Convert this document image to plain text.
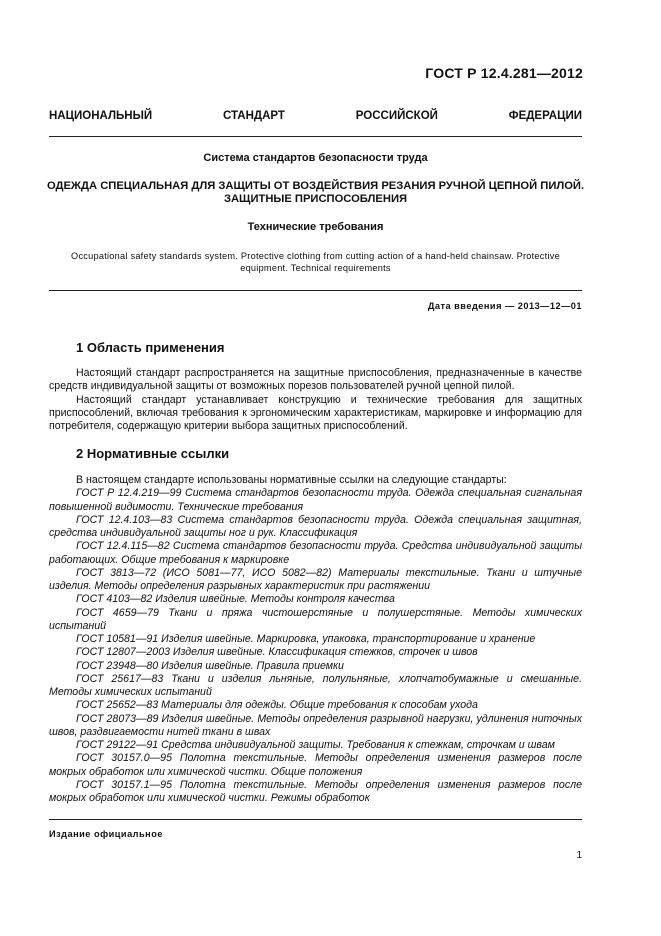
ГОСТ Р 12.4.281—2012
НАЦИОНАЛЬНЫЙ СТАНДАРТ РОССИЙСКОЙ ФЕДЕРАЦИИ
Система стандартов безопасности труда
ОДЕЖДА СПЕЦИАЛЬНАЯ ДЛЯ ЗАЩИТЫ ОТ ВОЗДЕЙСТВИЯ РЕЗАНИЯ РУЧНОЙ ЦЕПНОЙ ПИЛОЙ. ЗАЩИТНЫЕ ПРИСПОСОБЛЕНИЯ
Технические требования
Occupational safety standards system. Protective clothing from cutting action of a hand-held chainsaw. Protective equipment. Technical requirements
Дата введения — 2013—12—01
1 Область применения

Настоящий стандарт распространяется на защитные приспособления, предназначенные в качестве средств индивидуальной защиты от возможных порезов пользователей ручной цепной пилой.

Настоящий стандарт устанавливает конструкцию и технические требования для защитных приспособлений, включая требования к эргономическим характеристикам, маркировке и информацию для потребителя, содержащую критерии выбора защитных приспособлений.

2 Нормативные ссылки

В настоящем стандарте использованы нормативные ссылки на следующие стандарты:

ГОСТ Р 12.4.219—99 Система стандартов безопасности труда. Одежда специальная сигнальная повышенной видимости. Технические требования

ГОСТ 12.4.103—83 Система стандартов безопасности труда. Одежда специальная защитная, средства индивидуальной защиты ног и рук. Классификация

ГОСТ 12.4.115—82 Система стандартов безопасности труда. Средства индивидуальной защиты работающих. Общие требования к маркировке

ГОСТ 3813—72 (ИСО 5081—77, ИСО 5082—82) Материалы текстильные. Ткани и штучные изделия. Методы определения разрывных характеристик при растяжении

ГОСТ 4103—82 Изделия швейные. Методы контроля качества

ГОСТ 4659—79 Ткани и пряжа чистошерстяные и полушерстяные. Методы химических испытаний

ГОСТ 10581—91 Изделия швейные. Маркировка, упаковка, транспортирование и хранение

ГОСТ 12807—2003 Изделия швейные. Классификация стежков, строчек и швов

ГОСТ 23948—80 Изделия швейные. Правила приемки

ГОСТ 25617—83 Ткани и изделия льняные, полульняные, хлопчатобумажные и смешанные. Методы химических испытаний

ГОСТ 25652—83 Материалы для одежды. Общие требования к способам ухода

ГОСТ 28073—89 Изделия швейные. Методы определения разрывной нагрузки, удлинения ниточных швов, раздвигаемости нитей ткани в швах

ГОСТ 29122—91 Средства индивидуальной защиты. Требования к стежкам, строчкам и швам

ГОСТ 30157.0—95 Полотна текстильные. Методы определения изменения размеров после мокрых обработок или химической чистки. Общие положения

ГОСТ 30157.1—95 Полотна текстильные. Методы определения изменения размеров после мокрых обработок или химической чистки. Режимы обработок

Издание официальное
1
